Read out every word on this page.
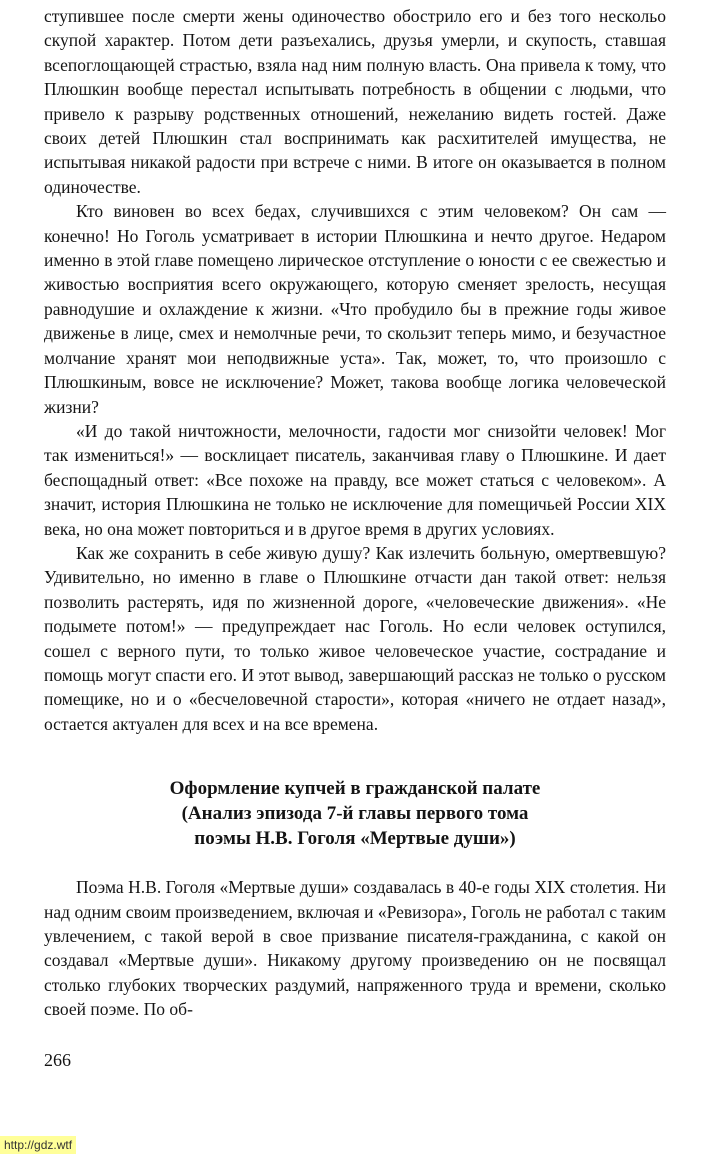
ступившее после смерти жены одиночество обострило его и без того нескольо скупой характер. Потом дети разъехались, друзья умерли, и скупость, ставшая всепоглощающей страстью, взяла над ним полную власть. Она привела к тому, что Плюшкин вообще перестал испытывать потребность в общении с людьми, что привело к разрыву родственных отношений, нежеланию видеть гостей. Даже своих детей Плюшкин стал воспринимать как расхитителей имущества, не испытывая никакой радости при встрече с ними. В итоге он оказывается в полном одиночестве.

Кто виновен во всех бедах, случившихся с этим человеком? Он сам — конечно! Но Гоголь усматривает в истории Плюшкина и нечто другое. Недаром именно в этой главе помещено лирическое отступление о юности с ее свежестью и живостью восприятия всего окружающего, которую сменяет зрелость, несущая равнодушие и охлаждение к жизни. «Что пробудило бы в прежние годы живое движенье в лице, смех и немолчные речи, то скользит теперь мимо, и безучастное молчание хранят мои неподвижные уста». Так, может, то, что произошло с Плюшкиным, вовсе не исключение? Может, такова вообще логика человеческой жизни?

«И до такой ничтожности, мелочности, гадости мог снизойти человек! Мог так измениться!» — восклицает писатель, заканчивая главу о Плюшкине. И дает беспощадный ответ: «Все похоже на правду, все может статься с человеком». А значит, история Плюшкина не только не исключение для помещичьей России XIX века, но она может повториться и в другое время в других условиях.

Как же сохранить в себе живую душу? Как излечить больную, омертвевшую? Удивительно, но именно в главе о Плюшкине отчасти дан такой ответ: нельзя позволить растерять, идя по жизненной дороге, «человеческие движения». «Не подымете потом!» — предупреждает нас Гоголь. Но если человек оступился, сошел с верного пути, то только живое человеческое участие, сострадание и помощь могут спасти его. И этот вывод, завершающий рассказ не только о русском помещике, но и о «бесчеловечной старости», которая «ничего не отдает назад», остается актуален для всех и на все времена.

Оформление купчей в гражданской палате
(Анализ эпизода 7-й главы первого тома
поэмы Н.В. Гоголя «Мертвые души»)

Поэма Н.В. Гоголя «Мертвые души» создавалась в 40-е годы XIX столетия. Ни над одним своим произведением, включая и «Ревизора», Гоголь не работал с таким увлечением, с такой верой в свое призвание писателя-гражданина, с какой он создавал «Мертвые души». Никакому другому произведению он не посвящал столько глубоких творческих раздумий, напряженного труда и времени, сколько своей поэме. По об-

266
http://gdz.wtf
